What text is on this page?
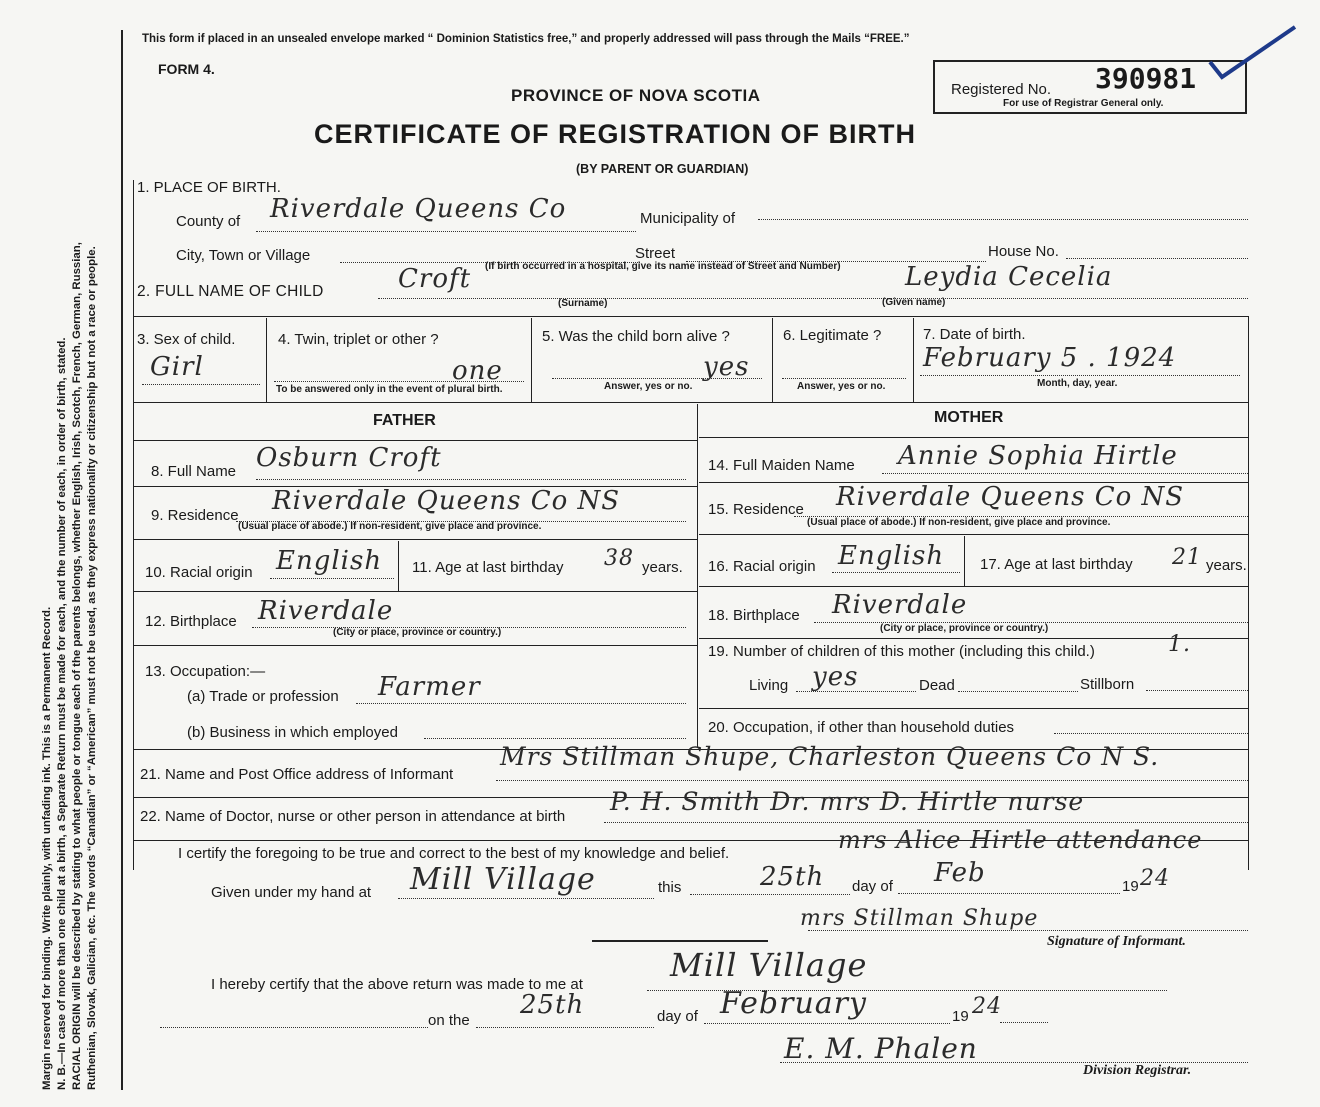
Margin reserved for binding. Write plainly, with unfading ink. This is a Permanent Record. N. B.—In case of more than one child at a birth, a Separate Return must be made for each, and the number of each, in order of birth, stated. RACIAL ORIGIN will be described by stating to what people or tongue each of the parents belongs, whether English, Irish, Scotch, French, German, Russian, Ruthenian, Slovak, Galician, etc. The words “Canadian” or “American” must not be used, as they express nationality or citizenship but not a race or people.
This form if placed in an unsealed envelope marked “ Dominion Statistics free,” and properly addressed will pass through the Mails “FREE.”
FORM 4.
PROVINCE OF NOVA SCOTIA
CERTIFICATE OF REGISTRATION OF BIRTH
(BY PARENT OR GUARDIAN)
Registered No. 390981
For use of Registrar General only.
1. PLACE OF BIRTH.
County of Riverdale Queens Co	Municipality of
City, Town or Village	Street	House No.
(If birth occurred in a hospital, give its name instead of Street and Number)
2. FULL NAME OF CHILD	Croft
(Surname)
Leydia Cecelia
(Given name)
3. Sex of child.
Girl
4. Twin, triplet or other ?
one
To be answered only in the event of plural birth.
5. Was the child born alive ?
yes
Answer, yes or no.
6. Legitimate ?
Answer, yes or no.
7. Date of birth.
February 5 . 1924
Month, day, year.
FATHER	MOTHER
8. Full Name Osburn Croft	14. Full Maiden Name Annie Sophia Hirtle
9. Residence Riverdale Queens Co NS
(Usual place of abode.) If non-resident, give place and province.
15. Residence Riverdale Queens Co NS
(Usual place of abode.) If non-resident, give place and province.
10. Racial origin English 11. Age at last birthday 38 years. 16. Racial origin English 17. Age at last birthday 21 years.
12. Birthplace Riverdale
(City or place, province or country.)
18. Birthplace Riverdale
(City or place, province or country.)
13. Occupation:—
(a) Trade or profession Farmer
(b) Business in which employed
19. Number of children of this mother (including this child.)	1.
Living yes	Dead	Stillborn
20. Occupation, if other than household duties
21. Name and Post Office address of Informant
Mrs Stillman Shupe, Charleston Queens Co N S.
22. Name of Doctor, nurse or other person in attendance at birth
P. H. Smith Dr. mrs D. Hirtle nurse
mrs Alice Hirtle attendance
I certify the foregoing to be true and correct to the best of my knowledge and belief.
Given under my hand at Mill Village	this	25th day of Feb	19 24
mrs Stillman Shupe
Signature of Informant.
I hereby certify that the above return was made to me at
Mill Village
on the
25th	day of February	19 24
E. M. Phalen
Division Registrar.
